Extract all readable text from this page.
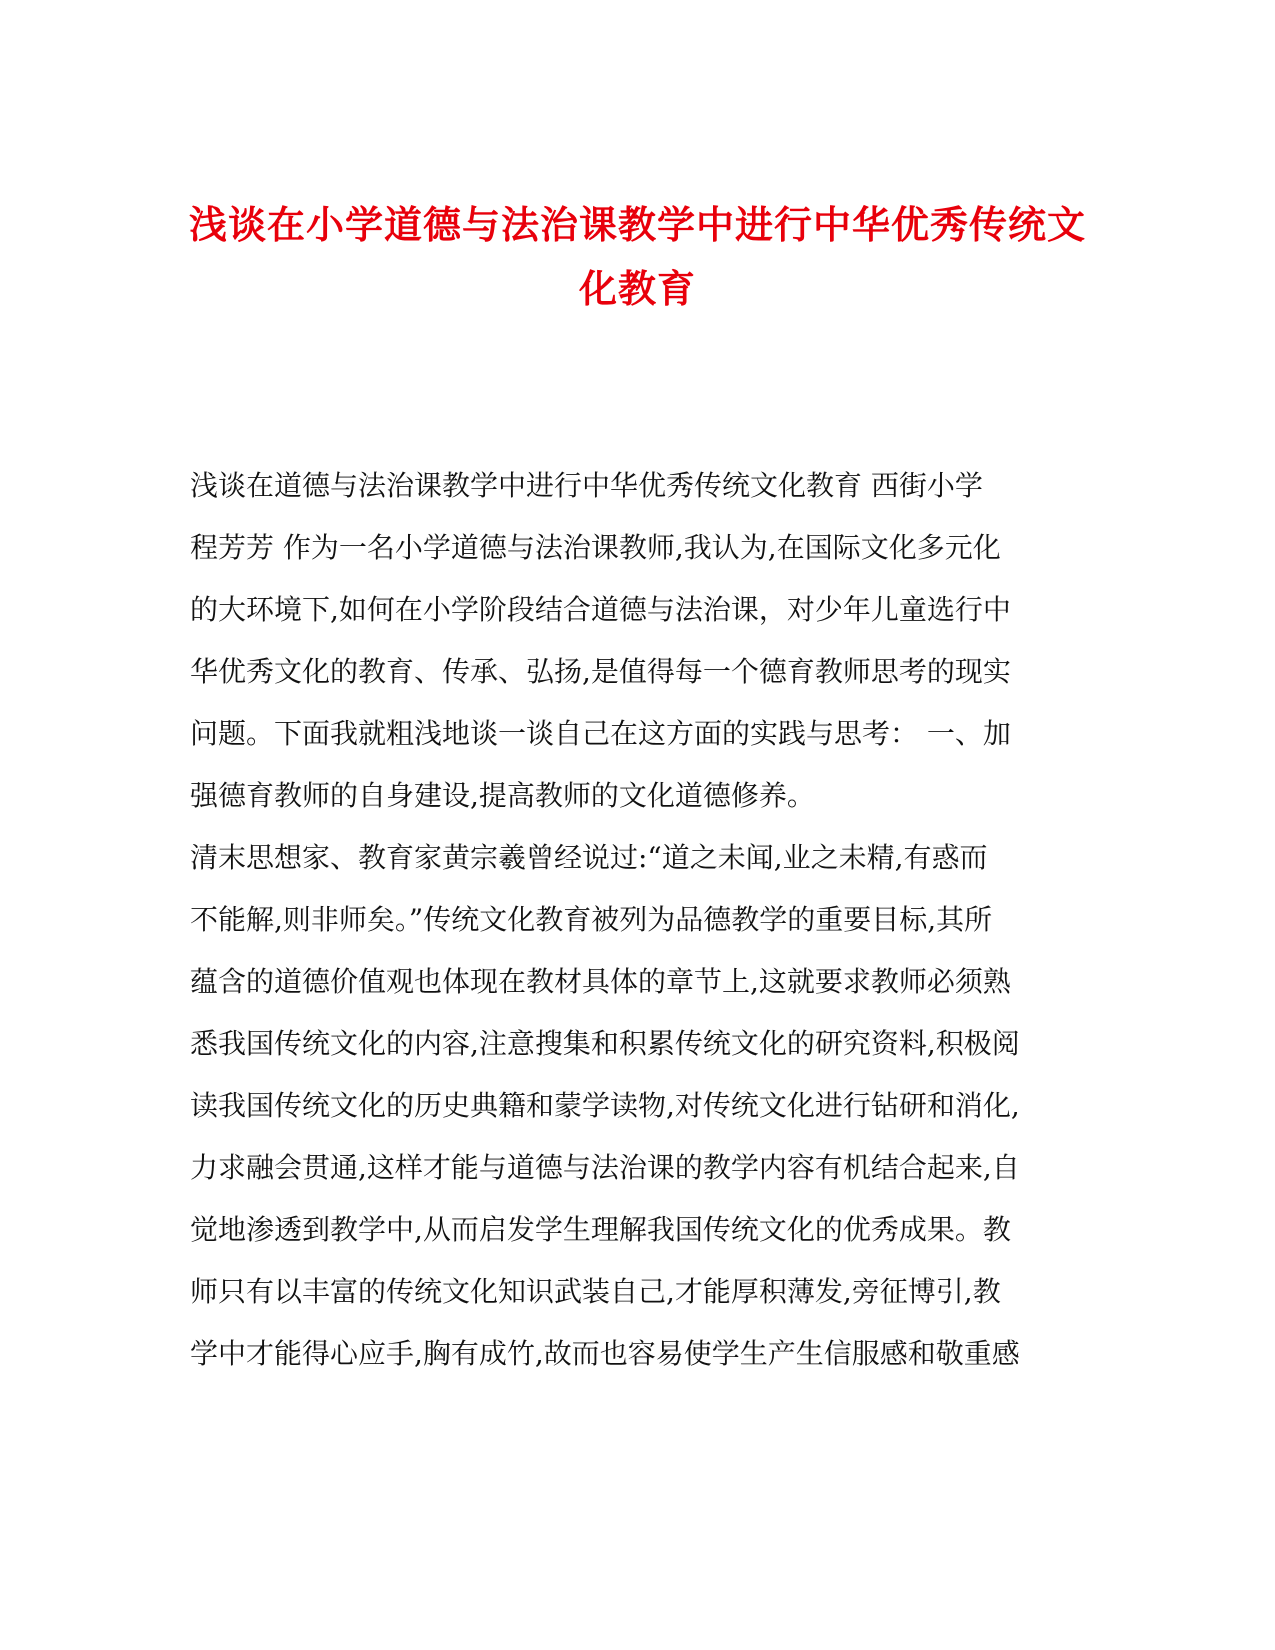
浅谈在小学道德与法治课教学中进行中华优秀传统文
化教育
浅谈在道德与法治课教学中进行中华优秀传统文化教育 西街小学
程芳芳 作为一名小学道德与法治课教师,我认为,在国际文化多元化
的大环境下,如何在小学阶段结合道德与法治课，对少年儿童选行中
华优秀文化的教育、传承、弘扬,是值得每一个德育教师思考的现实
问题。下面我就粗浅地谈一谈自己在这方面的实践与思考： 一、加
强德育教师的自身建设,提高教师的文化道德修养。
清末思想家、教育家黄宗羲曾经说过:“道之未闻,业之未精,有惑而
不能解,则非师矣。”传统文化教育被列为品德教学的重要目标,其所
蕴含的道德价值观也体现在教材具体的章节上,这就要求教师必须熟
悉我国传统文化的内容,注意搜集和积累传统文化的研究资料,积极阅
读我国传统文化的历史典籍和蒙学读物,对传统文化进行钻研和消化,
力求融会贯通,这样才能与道德与法治课的教学内容有机结合起来,自
觉地渗透到教学中,从而启发学生理解我国传统文化的优秀成果。教
师只有以丰富的传统文化知识武装自己,才能厚积薄发,旁征博引,教
学中才能得心应手,胸有成竹,故而也容易使学生产生信服感和敬重感
